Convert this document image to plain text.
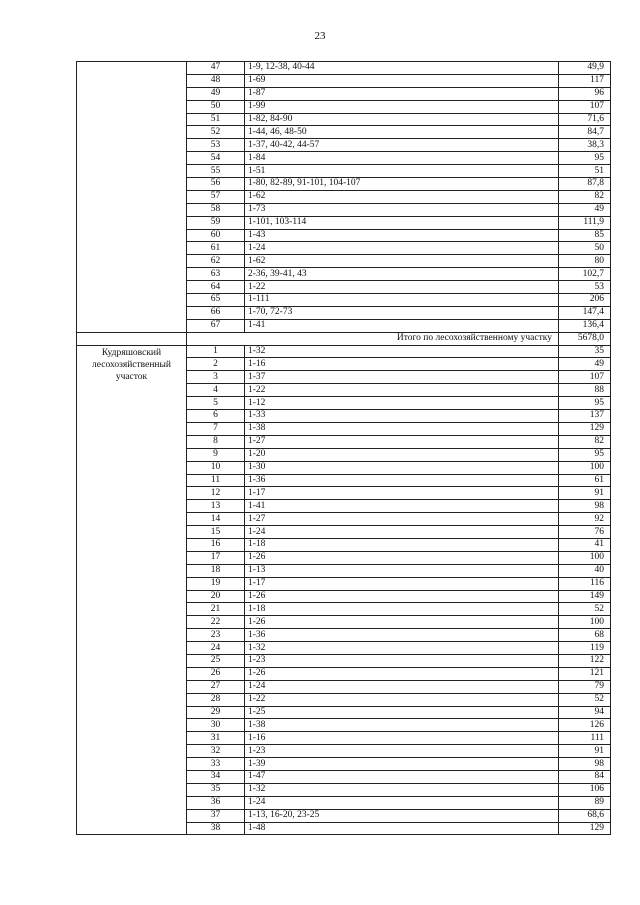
23
	47	1-9, 12-38, 40-44	49,9
	48	1-69	117
	49	1-87	96
	50	1-99	107
	51	1-82, 84-90	71,6
	52	1-44, 46, 48-50	84,7
	53	1-37, 40-42, 44-57	38,3
	54	1-84	95
	55	1-51	51
	56	1-80, 82-89, 91-101, 104-107	87,8
	57	1-62	82
	58	1-73	49
	59	1-101, 103-114	111,9
	60	1-43	85
	61	1-24	50
	62	1-62	80
	63	2-36, 39-41, 43	102,7
	64	1-22	53
	65	1-111	206
	66	1-70, 72-73	147,4
	67	1-41	136,4
	Итого по лесохозяйственному участку		5678,0
Кудряшовский лесохозяйственный участок	1	1-32	35
	2	1-16	49
	3	1-37	107
	4	1-22	88
	5	1-12	95
	6	1-33	137
	7	1-38	129
	8	1-27	82
	9	1-20	95
	10	1-30	100
	11	1-36	61
	12	1-17	91
	13	1-41	98
	14	1-27	92
	15	1-24	76
	16	1-18	41
	17	1-26	100
	18	1-13	40
	19	1-17	116
	20	1-26	149
	21	1-18	52
	22	1-26	100
	23	1-36	68
	24	1-32	119
	25	1-23	122
	26	1-26	121
	27	1-24	79
	28	1-22	52
	29	1-25	94
	30	1-38	126
	31	1-16	111
	32	1-23	91
	33	1-39	98
	34	1-47	84
	35	1-32	106
	36	1-24	89
	37	1-13, 16-20, 23-25	68,6
	38	1-48	129
